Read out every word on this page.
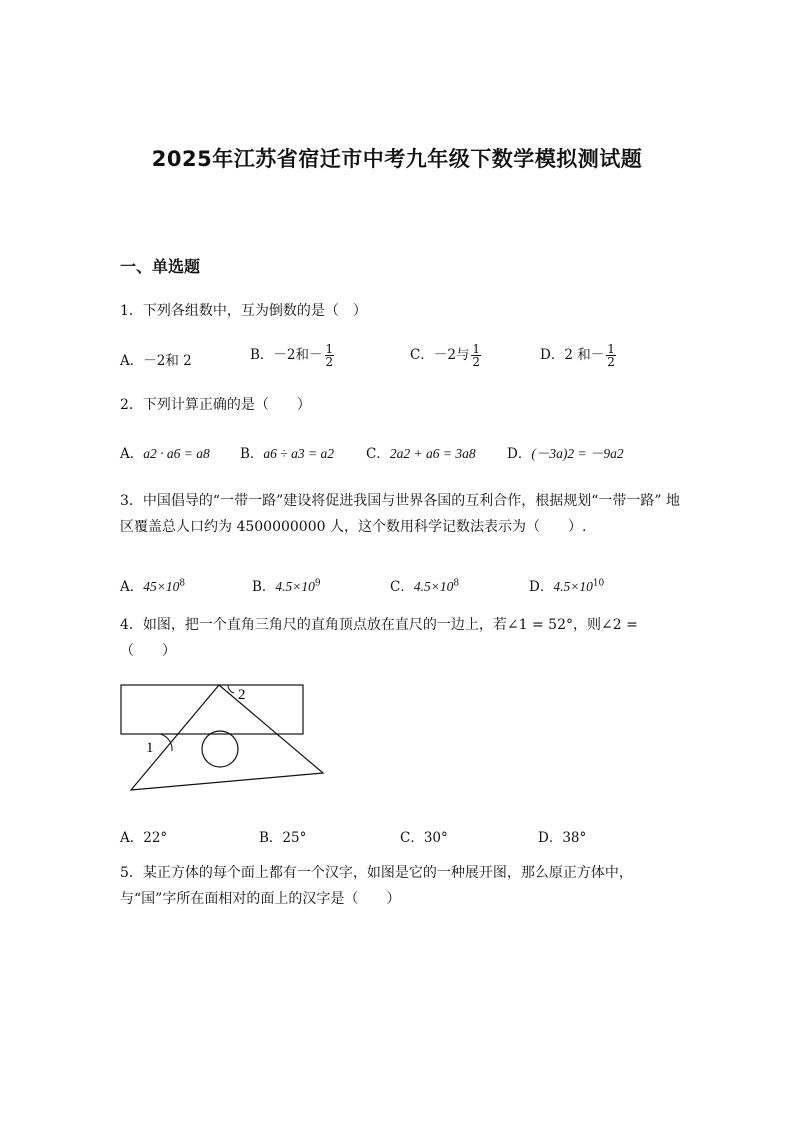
2025年江苏省宿迁市中考九年级下数学模拟测试题
一、单选题
1．下列各组数中，互为倒数的是（　）
A．－2和 2	B．－2和－ $\frac{1}{2}$	C．－2与 $\frac{1}{2}$	D．2 和－ $\frac{1}{2}$
2．下列计算正确的是（　　）
A．a2 · a6 = a8 B．a6 ÷ a3 = a2 C．2a2 + a6 = 3a8 D．(－3a)2 = －9a2
3．中国倡导的“一带一路”建设将促进我国与世界各国的互利合作，根据规划“一带一路” 地区覆盖总人口约为 4500000000 人，这个数用科学记数法表示为（　　）.
A．$45\times 10^8$	B．$4.5\times 10^9$	C．$4.5\times 10^8$	D．$4.5\times 10^{10}$
4．如图，把一个直角三角尺的直角顶点放在直尺的一边上，若∠1 = 52°，则∠2 =（　　）
2
1
A．22°	B．25°	C．30°	D．38°
5．某正方体的每个面上都有一个汉字，如图是它的一种展开图，那么原正方体中，与“国”字所在面相对的面上的汉字是（　　）
